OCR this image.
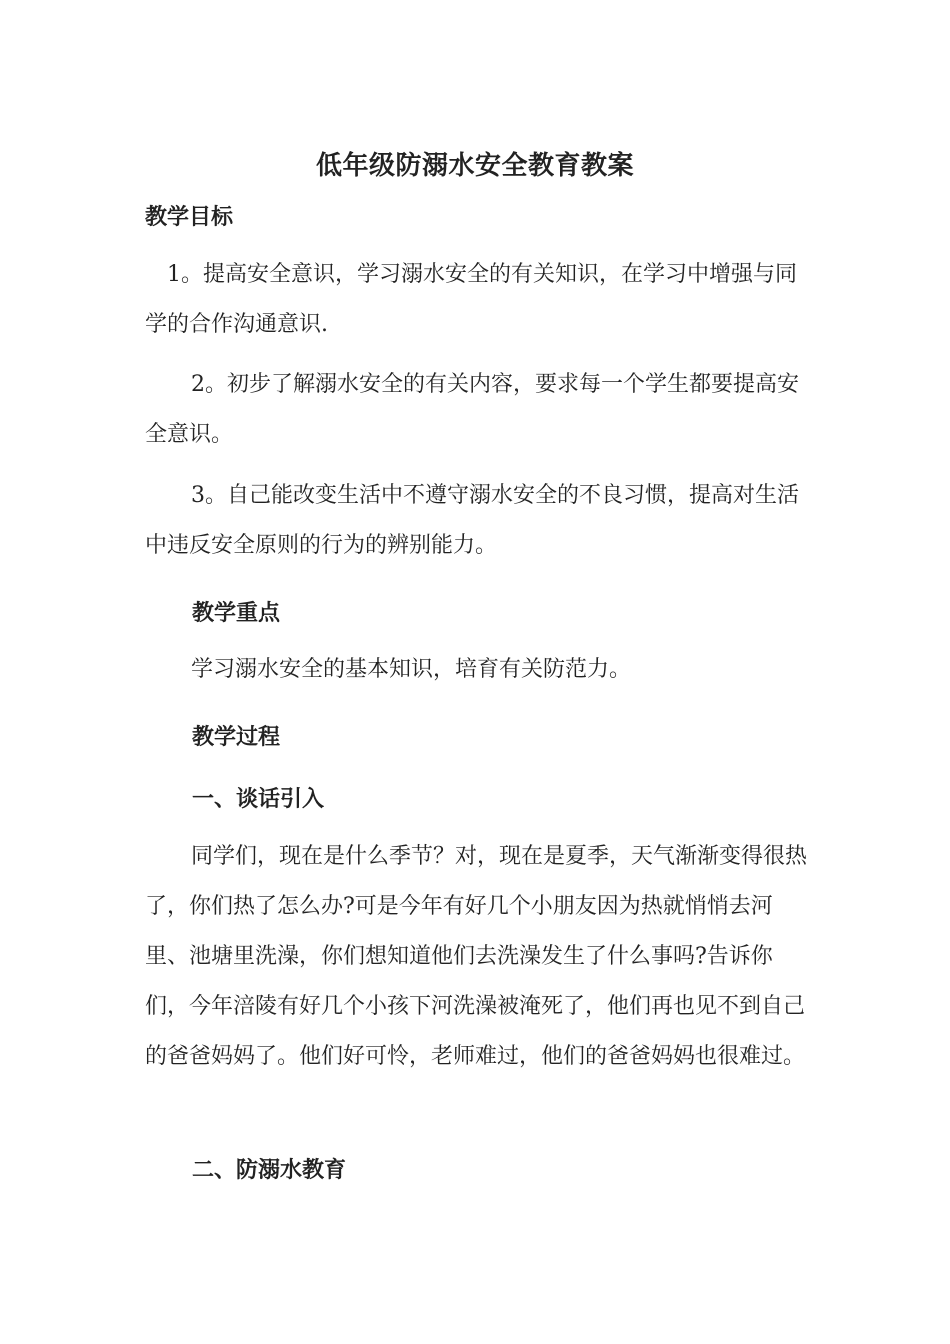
低年级防溺水安全教育教案
教学目标

1。提高安全意识，学习溺水安全的有关知识，在学习中增强与同学的合作沟通意识.

2。初步了解溺水安全的有关内容，要求每一个学生都要提高安全意识。

3。自己能改变生活中不遵守溺水安全的不良习惯，提高对生活中违反安全原则的行为的辨别能力。

教学重点

学习溺水安全的基本知识，培育有关防范力。

教学过程
一、谈话引入

同学们，现在是什么季节？对，现在是夏季，天气渐渐变得很热了，你们热了怎么办?可是今年有好几个小朋友因为热就悄悄去河里、池塘里洗澡，你们想知道他们去洗澡发生了什么事吗?告诉你们，今年涪陵有好几个小孩下河洗澡被淹死了，他们再也见不到自己的爸爸妈妈了。他们好可怜，老师难过，他们的爸爸妈妈也很难过。

二、防溺水教育
